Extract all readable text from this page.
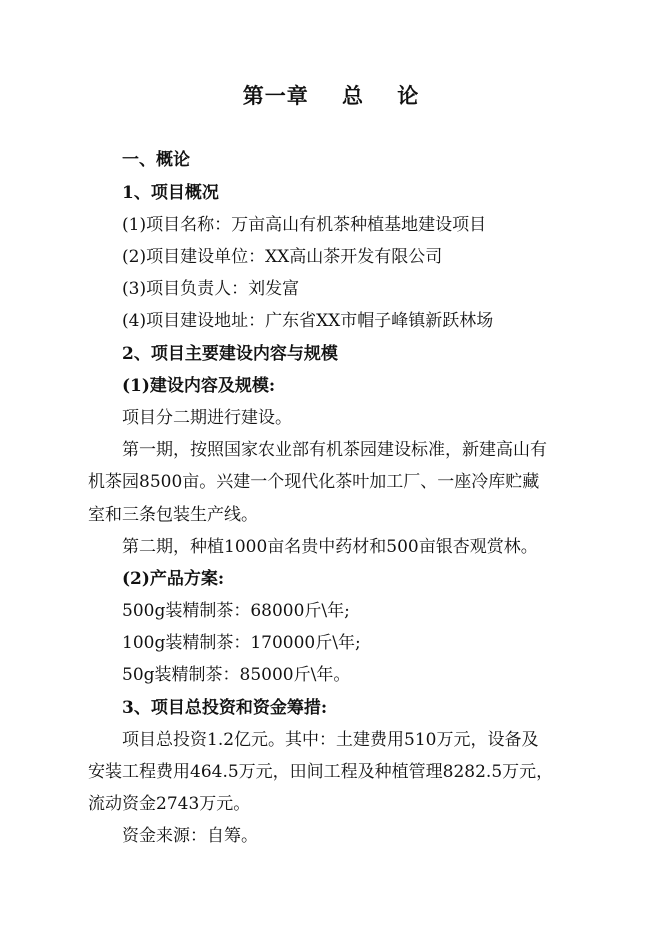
第一章    总    论
一、概论
1、项目概况
(1)项目名称：万亩高山有机茶种植基地建设项目
(2)项目建设单位：XX高山茶开发有限公司
(3)项目负责人：刘发富
(4)项目建设地址：广东省XX市帽子峰镇新跃林场
2、项目主要建设内容与规模
(1)建设内容及规模:
项目分二期进行建设。
第一期，按照国家农业部有机茶园建设标准，新建高山有
机茶园8500亩。兴建一个现代化茶叶加工厂、一座冷库贮藏
室和三条包装生产线。
第二期，种植1000亩名贵中药材和500亩银杏观赏林。
(2)产品方案:
500g装精制茶：68000斤\年;
100g装精制茶：170000斤\年;
50g装精制茶：85000斤\年。
3、项目总投资和资金筹措:
项目总投资1.2亿元。其中：土建费用510万元，设备及
安装工程费用464.5万元，田间工程及种植管理8282.5万元，
流动资金2743万元。
资金来源：自筹。
